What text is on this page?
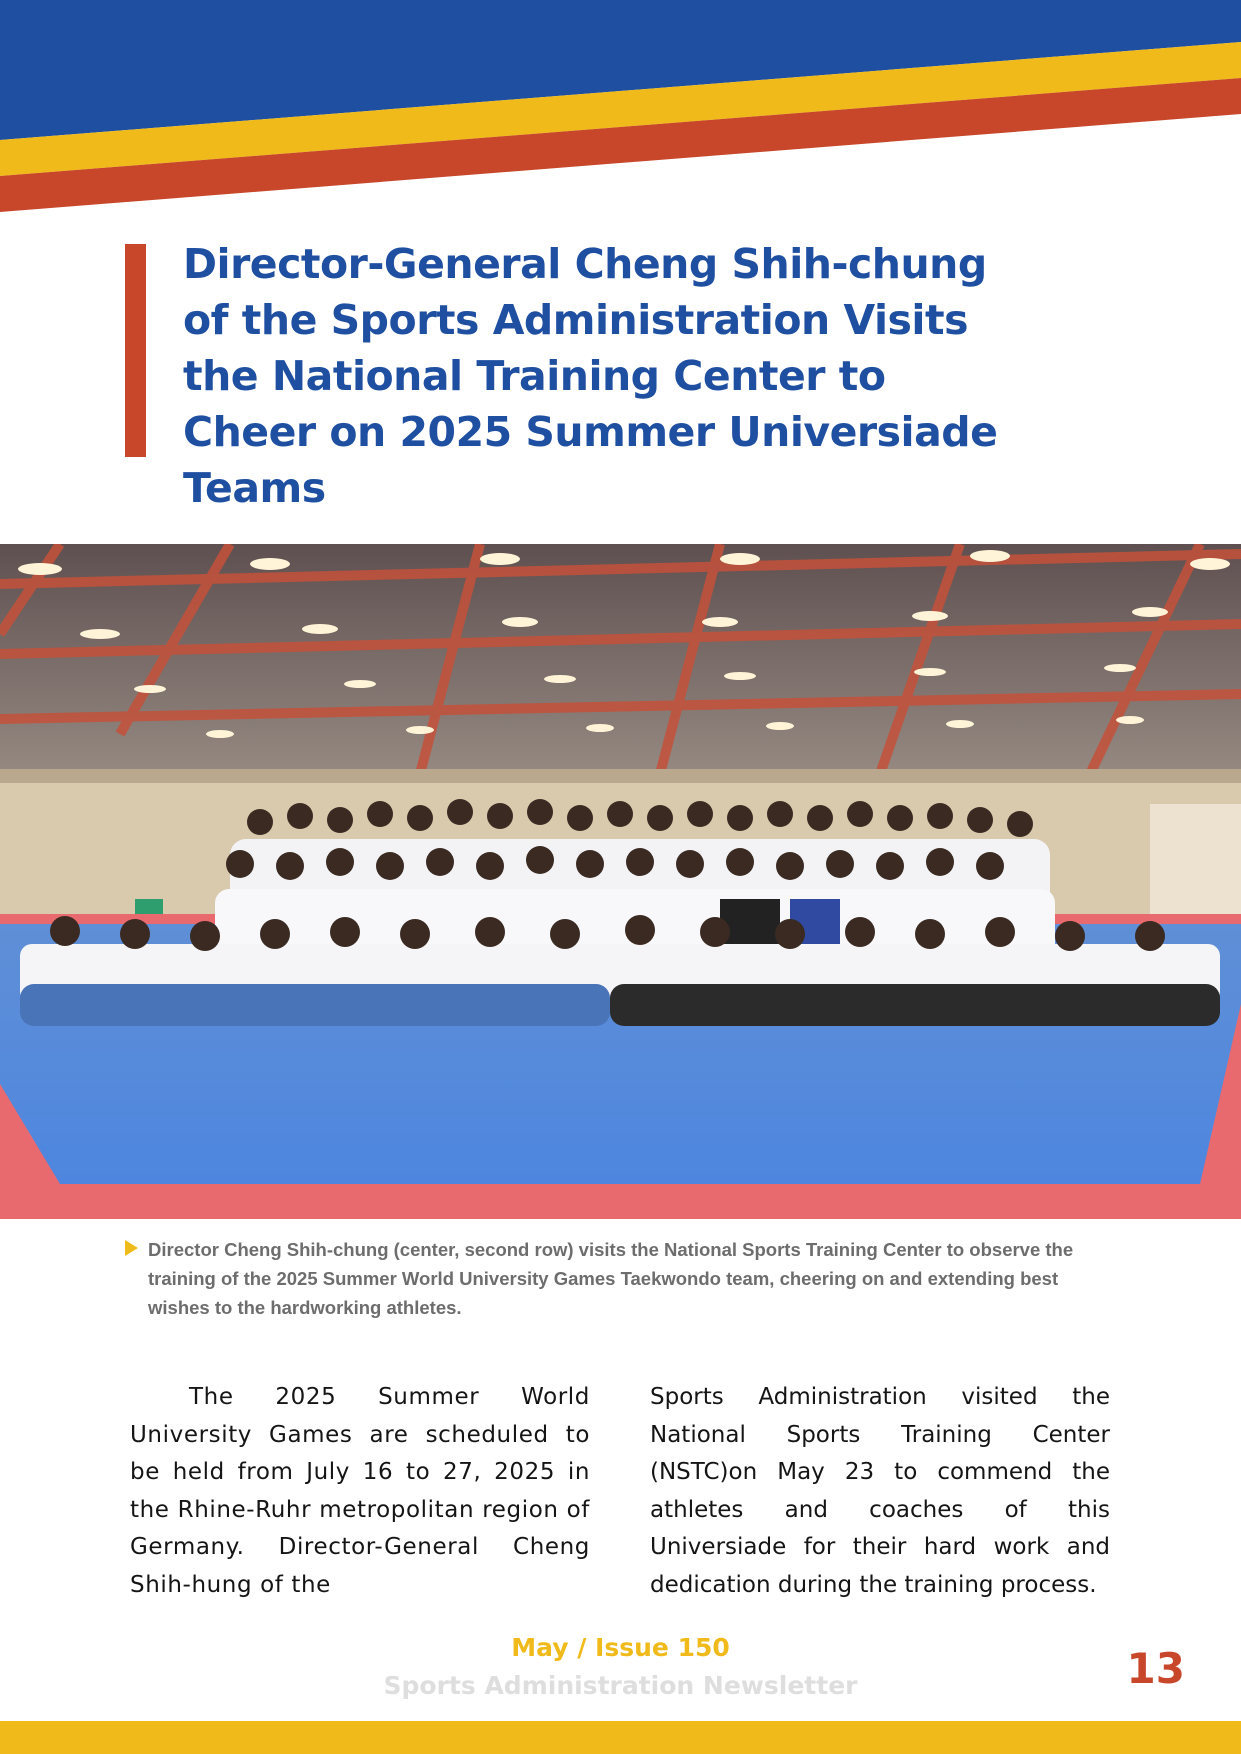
Director-General Cheng Shih-chung of the Sports Administration Visits the National Training Center to Cheer on 2025 Summer Universiade Teams

Director Cheng Shih-chung (center, second row) visits the National Sports Training Center to observe the training of the 2025 Summer World University Games Taekwondo team, cheering on and extending best wishes to the hardworking athletes.

The 2025 Summer World University Games are scheduled to be held from July 16 to 27, 2025 in the Rhine-Ruhr metropolitan region of Germany. Director-General Cheng Shih-hung of the

Sports Administration visited the National Sports Training Center (NSTC)on May 23 to commend the athletes and coaches of this Universiade for their hard work and dedication during the training process.

May / Issue 150

Sports Administration Newsletter	13
